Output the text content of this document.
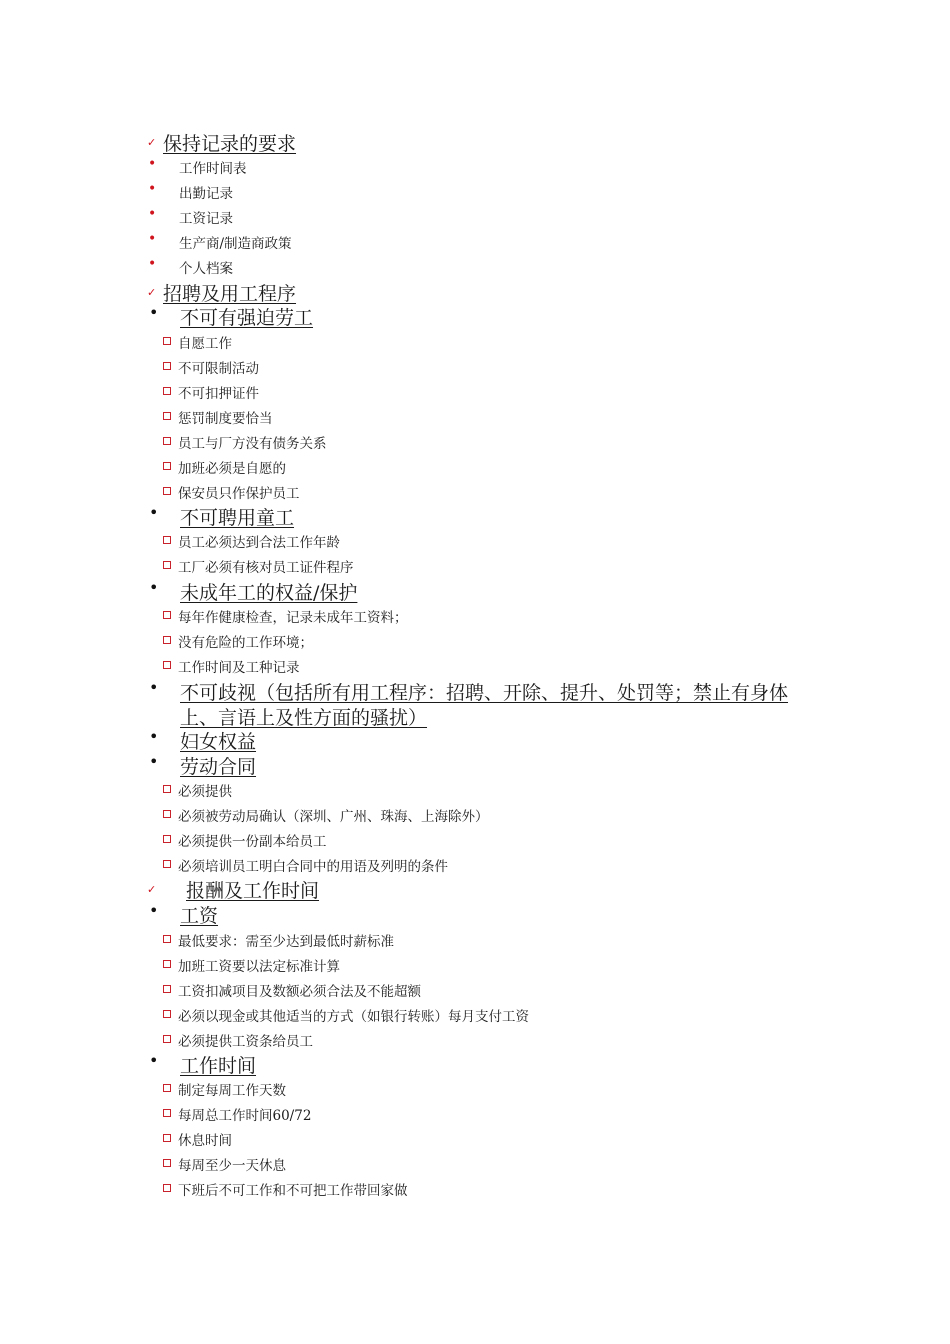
✓ 保持记录的要求
• 工作时间表
• 出勤记录
• 工资记录
• 生产商/制造商政策
• 个人档案
✓ 招聘及用工程序
• 不可有强迫劳工
自愿工作
不可限制活动
不可扣押证件
惩罚制度要恰当
员工与厂方没有债务关系
加班必须是自愿的
保安员只作保护员工
• 不可聘用童工
员工必须达到合法工作年龄
工厂必须有核对员工证件程序
• 未成年工的权益/保护
每年作健康检查，记录未成年工资料；
没有危险的工作环境；
工作时间及工种记录
• 不可歧视（包括所有用工程序：招聘、开除、提升、处罚等；禁止有身体
上、言语上及性方面的骚扰）
• 妇女权益
• 劳动合同
必须提供
必须被劳动局确认（深圳、广州、珠海、上海除外）
必须提供一份副本给员工
必须培训员工明白合同中的用语及列明的条件
✓ 报酬及工作时间
• 工资
最低要求：需至少达到最低时薪标准
加班工资要以法定标准计算
工资扣减项目及数额必须合法及不能超额
必须以现金或其他适当的方式（如银行转账）每月支付工资
必须提供工资条给员工
• 工作时间
制定每周工作天数
每周总工作时间60/72
休息时间
每周至少一天休息
下班后不可工作和不可把工作带回家做
